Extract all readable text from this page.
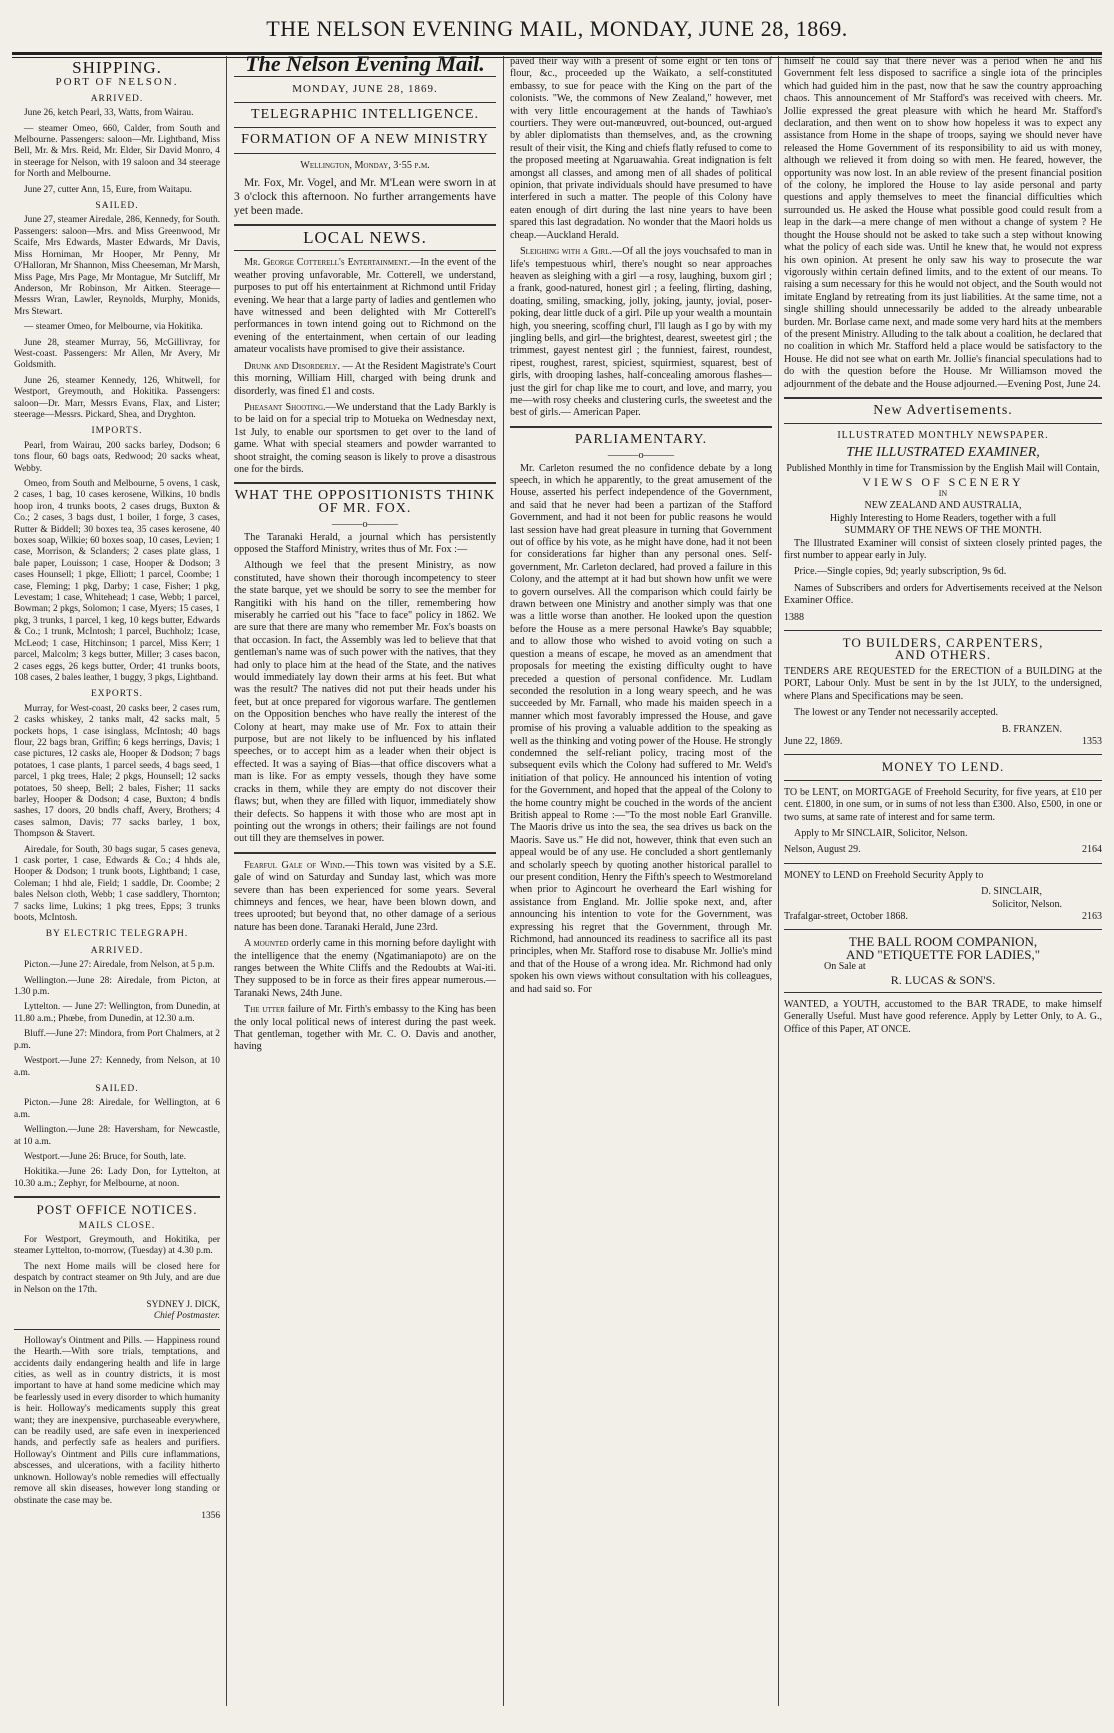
THE NELSON EVENING MAIL, MONDAY, JUNE 28, 1869.
SHIPPING.
PORT OF NELSON.
ARRIVED.

June 26, ketch Pearl, 33, Watts, from Wairau.

— steamer Omeo, 660, Calder, from South and Melbourne. Passengers: saloon—Mr. Lightband, Miss Bell, Mr. & Mrs. Reid, Mr. Elder, Sir David Monro, 4 in steerage for Nelson, with 19 saloon and 34 steerage for North and Melbourne.

June 27, cutter Ann, 15, Eure, from Waitapu.

SAILED.

June 27, steamer Airedale, 286, Kennedy, for South. Passengers: saloon—Mrs. and Miss Greenwood, Mr Scaife, Mrs Edwards, Master Edwards, Mr Davis, Miss Horniman, Mr Hooper, Mr Penny, Mr O'Halloran, Mr Shannon, Miss Cheeseman, Mr Marsh, Miss Page, Mrs Page, Mr Montague, Mr Sutcliff, Mr Anderson, Mr Robinson, Mr Aitken. Steerage—Messrs Wran, Lawler, Reynolds, Murphy, Monids, Mrs Stewart.

— steamer Omeo, for Melbourne, via Hokitika.

June 28, steamer Murray, 56, McGillivray, for West-coast. Passengers: Mr Allen, Mr Avery, Mr Goldsmith.

June 26, steamer Kennedy, 126, Whitwell, for Westport, Greymouth, and Hokitika. Passengers: saloon—Dr. Marr, Messrs Evans, Flax, and Lister; steerage—Messrs. Pickard, Shea, and Dryghton.

IMPORTS.

Pearl, from Wairau, 200 sacks barley, Dodson; 6 tons flour, 60 bags oats, Redwood; 20 sacks wheat, Webby.

Omeo, from South and Melbourne, 5 ovens, 1 cask, 2 cases, 1 bag, 10 cases kerosene, Wilkins, 10 bndls hoop iron, 4 trunks boots, 2 cases drugs, Buxton & Co.; 2 cases, 3 bags dust, 1 boiler, 1 forge, 3 cases, Rutter & Biddell; 30 boxes tea, 35 cases kerosene, 40 boxes soap, Wilkie; 60 boxes soap, 10 cases, Levien; 1 case, Morrison, & Sclanders; 2 cases plate glass, 1 bale paper, Louisson; 1 case, Hooper & Dodson; 3 cases Hounsell; 1 pkge, Elliott; 1 parcel, Coombe; 1 case, Fleming; 1 pkg, Darby; 1 case, Fisher; 1 pkg, Levestam; 1 case, Whitehead; 1 case, Webb; 1 parcel, Bowman; 2 pkgs, Solomon; 1 case, Myers; 15 cases, 1 pkg, 3 trunks, 1 parcel, 1 keg, 10 kegs butter, Edwards & Co.; 1 trunk, McIntosh; 1 parcel, Buchholz; 1case, McLeod; 1 case, Hitchinson; 1 parcel, Miss Kerr; 1 parcel, Malcolm; 3 kegs butter, Miller; 3 cases bacon, 2 cases eggs, 26 kegs butter, Order; 41 trunks boots, 108 cases, 2 bales leather, 1 buggy, 3 pkgs, Lightband.

EXPORTS.

Murray, for West-coast, 20 casks beer, 2 cases rum, 2 casks whiskey, 2 tanks malt, 42 sacks malt, 5 pockets hops, 1 case isinglass, McIntosh; 40 bags flour, 22 bags bran, Griffin; 6 kegs herrings, Davis; 1 case pictures, 12 casks ale, Hooper & Dodson; 7 bags potatoes, 1 case plants, 1 parcel seeds, 4 bags seed, 1 parcel, 1 pkg trees, Hale; 2 pkgs, Hounsell; 12 sacks potatoes, 50 sheep, Bell; 2 bales, Fisher; 11 sacks barley, Hooper & Dodson; 4 case, Buxton; 4 bndls sashes, 17 doors, 20 bndls chaff, Avery, Brothers; 4 cases salmon, Davis; 77 sacks barley, 1 box, Thompson & Stavert.

Airedale, for South, 30 bags sugar, 5 cases geneva, 1 cask porter, 1 case, Edwards & Co.; 4 hhds ale, Hooper & Dodson; 1 trunk boots, Lightband; 1 case, Coleman; 1 hhd ale, Field; 1 saddle, Dr. Coombe; 2 bales Nelson cloth, Webb; 1 case saddlery, Thornton; 7 sacks lime, Lukins; 1 pkg trees, Epps; 3 trunks boots, McIntosh.

BY ELECTRIC TELEGRAPH.
ARRIVED.

Picton.—June 27: Airedale, from Nelson, at 5 p.m.

Wellington.—June 28: Airedale, from Picton, at 1.30 p.m.

Lyttelton. — June 27: Wellington, from Dunedin, at 11.80 a.m.; Phœbe, from Dunedin, at 12.30 a.m.

Bluff.—June 27: Mindora, from Port Chalmers, at 2 p.m.

Westport.—June 27: Kennedy, from Nelson, at 10 a.m.

SAILED.

Picton.—June 28: Airedale, for Wellington, at 6 a.m.

Wellington.—June 28: Haversham, for Newcastle, at 10 a.m.

Westport.—June 26: Bruce, for South, late.

Hokitika.—June 26: Lady Don, for Lyttelton, at 10.30 a.m.; Zephyr, for Melbourne, at noon.

POST OFFICE NOTICES.
MAILS CLOSE.

For Westport, Greymouth, and Hokitika, per steamer Lyttelton, to-morrow, (Tuesday) at 4.30 p.m.

The next Home mails will be closed here for despatch by contract steamer on 9th July, and are due in Nelson on the 17th.

SYDNEY J. DICK,
Chief Postmaster.

Holloway's Ointment and Pills. — Happiness round the Hearth.—With sore trials, temptations, and accidents daily endangering health and life in large cities, as well as in country districts, it is most important to have at hand some medicine which may be fearlessly used in every disorder to which humanity is heir. Holloway's medicaments supply this great want; they are inexpensive, purchaseable everywhere, can be readily used, are safe even in inexperienced hands, and perfectly safe as healers and purifiers. Holloway's Ointment and Pills cure inflammations, abscesses, and ulcerations, with a facility hitherto unknown. Holloway's noble remedies will effectually remove all skin diseases, however long standing or obstinate the case may be.

1356
The Nelson Evening Mail.
MONDAY, JUNE 28, 1869.
TELEGRAPHIC INTELLIGENCE.
FORMATION OF A NEW MINISTRY

Wellington, Monday, 3·55 p.m.

Mr. Fox, Mr. Vogel, and Mr. M'Lean were sworn in at 3 o'clock this afternoon. No further arrangements have yet been made.

LOCAL NEWS.

Mr. George Cotterell's Entertainment.—In the event of the weather proving unfavorable, Mr. Cotterell, we understand, purposes to put off his entertainment at Richmond until Friday evening. We hear that a large party of ladies and gentlemen who have witnessed and been delighted with Mr Cotterell's performances in town intend going out to Richmond on the evening of the entertainment, when certain of our leading amateur vocalists have promised to give their assistance.

Drunk and Disorderly. — At the Resident Magistrate's Court this morning, William Hill, charged with being drunk and disorderly, was fined £1 and costs.

Pheasant Shooting.—We understand that the Lady Barkly is to be laid on for a special trip to Motueka on Wednesday next, 1st July, to enable our sportsmen to get over to the land of game. What with special steamers and powder warranted to shoot straight, the coming season is likely to prove a disastrous one for the birds.

WHAT THE OPPOSITIONISTS THINK OF MR. FOX.
———o———

The Taranaki Herald, a journal which has persistently opposed the Stafford Ministry, writes thus of Mr. Fox :—

Although we feel that the present Ministry, as now constituted, have shown their thorough incompetency to steer the state barque, yet we should be sorry to see the member for Rangitiki with his hand on the tiller, remembering how miserably he carried out his "face to face" policy in 1862. We are sure that there are many who remember Mr. Fox's boasts on that occasion. In fact, the Assembly was led to believe that that gentleman's name was of such power with the natives, that they had only to place him at the head of the State, and the natives would immediately lay down their arms at his feet. But what was the result? The natives did not put their heads under his feet, but at once prepared for vigorous warfare. The gentlemen on the Opposition benches who have really the interest of the Colony at heart, may make use of Mr. Fox to attain their purpose, but are not likely to be influenced by his inflated speeches, or to accept him as a leader when their object is effected. It was a saying of Bias—that office discovers what a man is like. For as empty vessels, though they have some cracks in them, while they are empty do not discover their flaws; but, when they are filled with liquor, immediately show their defects. So happens it with those who are most apt in pointing out the wrongs in others; their failings are not found out till they are themselves in power.

Fearful Gale of Wind.—This town was visited by a S.E. gale of wind on Saturday and Sunday last, which was more severe than has been experienced for some years. Several chimneys and fences, we hear, have been blown down, and trees uprooted; but beyond that, no other damage of a serious nature has been done. Taranaki Herald, June 23rd.

A mounted orderly came in this morning before daylight with the intelligence that the enemy (Ngatimaniapoto) are on the ranges between the White Cliffs and the Redoubts at Wai-iti. They supposed to be in force as their fires appear numerous.—Taranaki News, 24th June.

The utter failure of Mr. Firth's embassy to the King has been the only local political news of interest during the past week. That gentleman, together with Mr. C. O. Davis and another, having

paved their way with a present of some eight or ten tons of flour, &c., proceeded up the Waikato, a self-constituted embassy, to sue for peace with the King on the part of the colonists. "We, the commons of New Zealand," however, met with very little encouragement at the hands of Tawhiao's courtiers. They were out-manœuvred, out-bounced, out-argued by abler diplomatists than themselves, and, as the crowning result of their visit, the King and chiefs flatly refused to come to the proposed meeting at Ngaruawahia. Great indignation is felt amongst all classes, and among men of all shades of political opinion, that private individuals should have presumed to have interfered in such a matter. The people of this Colony have eaten enough of dirt during the last nine years to have been spared this last degradation. No wonder that the Maori holds us cheap.—Auckland Herald.

Sleighing with a Girl.—Of all the joys vouchsafed to man in life's tempestuous whirl, there's nought so near approaches heaven as sleighing with a girl —a rosy, laughing, buxom girl ; a frank, good-natured, honest girl ; a feeling, flirting, dashing, doating, smiling, smacking, jolly, joking, jaunty, jovial, poser-poking, dear little duck of a girl. Pile up your wealth a mountain high, you sneering, scoffing churl, I'll laugh as I go by with my jingling bells, and girl—the brightest, dearest, sweetest girl ; the trimmest, gayest nentest girl ; the funniest, fairest, roundest, ripest, roughest, rarest, spiciest, squirmiest, squarest, best of girls, with drooping lashes, half-concealing amorous flashes—just the girl for chap like me to court, and love, and marry, you me—with rosy cheeks and clustering curls, the sweetest and the best of girls.— American Paper.

PARLIAMENTARY.
———o———

Mr. Carleton resumed the no confidence debate by a long speech, in which he apparently, to the great amusement of the House, asserted his perfect independence of the Government, and said that he never had been a partizan of the Stafford Government, and had it not been for public reasons he would last session have had great pleasure in turning that Government out of office by his vote, as he might have done, had it not been for considerations far higher than any personal ones. Self-government, Mr. Carleton declared, had proved a failure in this Colony, and the attempt at it had but shown how unfit we were to govern ourselves. All the comparison which could fairly be drawn between one Ministry and another simply was that one was a little worse than another. He looked upon the question before the House as a mere personal Hawke's Bay squabble; and to allow those who wished to avoid voting on such a question a means of escape, he moved as an amendment that proposals for meeting the existing difficulty ought to have preceded a question of personal confidence. Mr. Ludlam seconded the resolution in a long weary speech, and he was succeeded by Mr. Farnall, who made his maiden speech in a manner which most favorably impressed the House, and gave promise of his proving a valuable addition to the speaking as well as the thinking and voting power of the House. He strongly condemned the self-reliant policy, tracing most of the subsequent evils which the Colony had suffered to Mr. Weld's initiation of that policy. He announced his intention of voting for the Government, and hoped that the appeal of the Colony to the home country might be couched in the words of the ancient British appeal to Rome :—"To the most noble Earl Granville. The Maoris drive us into the sea, the sea drives us back on the Maoris. Save us." He did not, however, think that even such an appeal would be of any use. He concluded a short gentlemanly and scholarly speech by quoting another historical parallel to our present condition, Henry the Fifth's speech to Westmoreland when prior to Agincourt he overheard the Earl wishing for assistance from England. Mr. Jollie spoke next, and, after announcing his intention to vote for the Government, was expressing his regret that the Government, through Mr. Richmond, had announced its readiness to sacrifice all its past principles, when Mr. Stafford rose to disabuse Mr. Jollie's mind and that of the House of a wrong idea. Mr. Richmond had only spoken his own views without consultation with his colleagues, and had said so. For

himself he could say that there never was a period when he and his Government felt less disposed to sacrifice a single iota of the principles which had guided him in the past, now that he saw the country approaching chaos. This announcement of Mr Stafford's was received with cheers. Mr. Jollie expressed the great pleasure with which he heard Mr. Stafford's declaration, and then went on to show how hopeless it was to expect any assistance from Home in the shape of troops, saying we should never have released the Home Government of its responsibility to aid us with money, although we relieved it from doing so with men. He feared, however, the opportunity was now lost. In an able review of the present financial position of the colony, he implored the House to lay aside personal and party questions and apply themselves to meet the financial difficulties which surrounded us. He asked the House what possible good could result from a leap in the dark—a mere change of men without a change of system ? He thought the House should not be asked to take such a step without knowing what the policy of each side was. Until he knew that, he would not express his own opinion. At present he only saw his way to prosecute the war vigorously within certain defined limits, and to the extent of our means. To raising a sum necessary for this he would not object, and the South would not imitate England by retreating from its just liabilities. At the same time, not a single shilling should unnecessarily be added to the already unbearable burden. Mr. Borlase came next, and made some very hard hits at the members of the present Ministry. Alluding to the talk about a coalition, he declared that no coalition in which Mr. Stafford held a place would be satisfactory to the House. He did not see what on earth Mr. Jollie's financial speculations had to do with the question before the House. Mr Williamson moved the adjournment of the debate and the House adjourned.—Evening Post, June 24.

New Advertisements.
ILLUSTRATED MONTHLY NEWSPAPER.
THE ILLUSTRATED EXAMINER,
Published Monthly in time for Transmission by the English Mail will Contain,
VIEWS OF SCENERY
IN
NEW ZEALAND AND AUSTRALIA,
Highly Interesting to Home Readers, together with a full
SUMMARY OF THE NEWS OF THE MONTH.

The Illustrated Examiner will consist of sixteen closely printed pages, the first number to appear early in July.

Price.—Single copies, 9d; yearly subscription, 9s 6d.

Names of Subscribers and orders for Advertisements received at the Nelson Examiner Office.

1388
TO BUILDERS, CARPENTERS,
AND OTHERS.

TENDERS ARE REQUESTED for the ERECTION of a BUILDING at the PORT, Labour Only. Must be sent in by the 1st JULY, to the undersigned, where Plans and Specifications may be seen.

The lowest or any Tender not necessarily accepted.

B. FRANZEN.
June 22, 1869.	1353
MONEY TO LEND.

TO be LENT, on MORTGAGE of Freehold Security, for five years, at £10 per cent. £1800, in one sum, or in sums of not less than £300. Also, £500, in one or two sums, at same rate of interest and for same term.

Apply to Mr SINCLAIR, Solicitor, Nelson.

Nelson, August 29.	2164

MONEY to LEND on Freehold Security Apply to

D. SINCLAIR,
Solicitor, Nelson.
Trafalgar-street, October 1868.	2163
THE BALL ROOM COMPANION,
AND "ETIQUETTE FOR LADIES,"
On Sale at
R. LUCAS & SON'S.

WANTED, a YOUTH, accustomed to the BAR TRADE, to make himself Generally Useful. Must have good reference. Apply by Letter Only, to A. G., Office of this Paper, AT ONCE.
